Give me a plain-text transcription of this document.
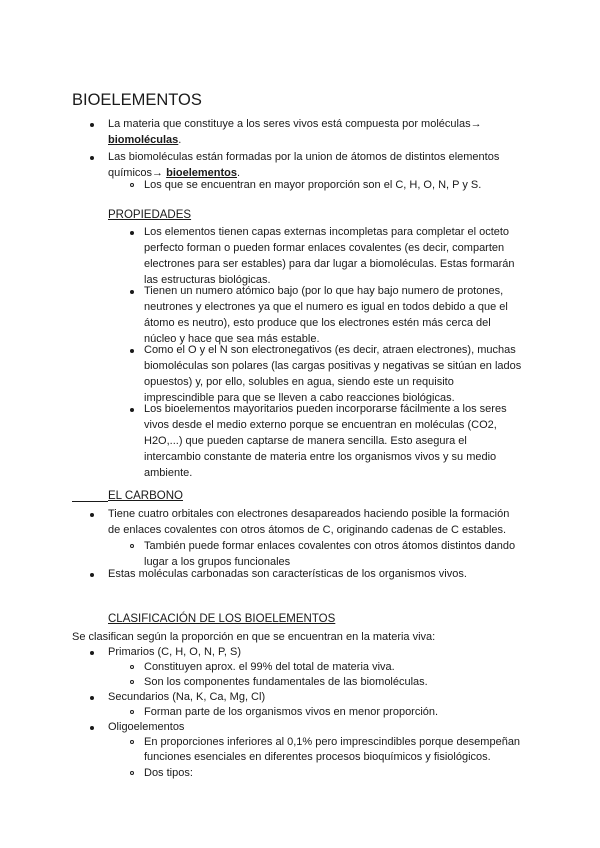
BIOELEMENTOS
La materia que constituye a los seres vivos está compuesta por moléculas→
biomoléculas.
Las biomoléculas están formadas por la union de átomos de distintos elementos
químicos→ bioelementos.
Los que se encuentran en mayor proporción son el C, H, O, N, P y S.
PROPIEDADES
Los elementos tienen capas externas incompletas para completar el octeto
perfecto forman o pueden formar enlaces covalentes (es decir, comparten
electrones para ser estables) para dar lugar a biomoléculas. Estas formarán
las estructuras biológicas.
Tienen un numero atómico bajo (por lo que hay bajo numero de protones,
neutrones y electrones ya que el numero es igual en todos debido a que el
átomo es neutro), esto produce que los electrones estén más cerca del
núcleo y hace que sea más estable.
Como el O y el N son electronegativos (es decir, atraen electrones), muchas
biomoléculas son polares (las cargas positivas y negativas se sitúan en lados
opuestos) y, por ello, solubles en agua, siendo este un requisito
imprescindible para que se lleven a cabo reacciones biológicas.
Los bioelementos mayoritarios pueden incorporarse fácilmente a los seres
vivos desde el medio externo porque se encuentran en moléculas (CO2,
H2O,...) que pueden captarse de manera sencilla. Esto asegura el
intercambio constante de materia entre los organismos vivos y su medio
ambiente.
EL CARBONO
Tiene cuatro orbitales con electrones desapareados haciendo posible la formación
de enlaces covalentes con otros átomos de C, originando cadenas de C estables.
También puede formar enlaces covalentes con otros átomos distintos dando
lugar a los grupos funcionales
Estas moléculas carbonadas son características de los organismos vivos.
CLASIFICACIÓN DE LOS BIOELEMENTOS
Se clasifican según la proporción en que se encuentran en la materia viva:
Primarios (C, H, O, N, P, S)
Constituyen aprox. el 99% del total de materia viva.
Son los componentes fundamentales de las biomoléculas.
Secundarios (Na, K, Ca, Mg, Cl)
Forman parte de los organismos vivos en menor proporción.
Oligoelementos
En proporciones inferiores al 0,1% pero imprescindibles porque desempeñan
funciones esenciales en diferentes procesos bioquímicos y fisiológicos.
Dos tipos:
